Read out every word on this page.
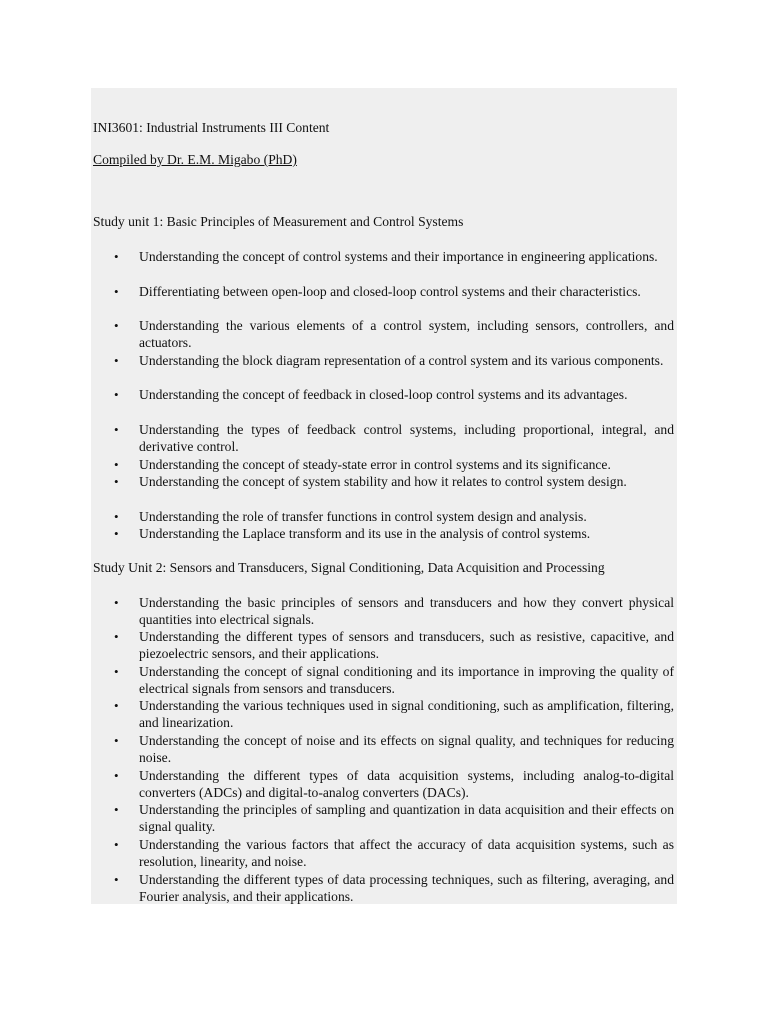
INI3601: Industrial Instruments III Content
Compiled by Dr. E.M. Migabo (PhD)
Study unit 1: Basic Principles of Measurement and Control Systems
• Understanding the concept of control systems and their importance in engineering applications.
• Differentiating between open-loop and closed-loop control systems and their characteristics.
• Understanding the various elements of a control system, including sensors, controllers, and actuators.
• Understanding the block diagram representation of a control system and its various components.
• Understanding the concept of feedback in closed-loop control systems and its advantages.
• Understanding the types of feedback control systems, including proportional, integral, and derivative control.
• Understanding the concept of steady-state error in control systems and its significance.
• Understanding the concept of system stability and how it relates to control system design.
• Understanding the role of transfer functions in control system design and analysis.
• Understanding the Laplace transform and its use in the analysis of control systems.
Study Unit 2: Sensors and Transducers, Signal Conditioning, Data Acquisition and Processing
• Understanding the basic principles of sensors and transducers and how they convert physical quantities into electrical signals.
• Understanding the different types of sensors and transducers, such as resistive, capacitive, and piezoelectric sensors, and their applications.
• Understanding the concept of signal conditioning and its importance in improving the quality of electrical signals from sensors and transducers.
• Understanding the various techniques used in signal conditioning, such as amplification, filtering, and linearization.
• Understanding the concept of noise and its effects on signal quality, and techniques for reducing noise.
• Understanding the different types of data acquisition systems, including analog-to-digital converters (ADCs) and digital-to-analog converters (DACs).
• Understanding the principles of sampling and quantization in data acquisition and their effects on signal quality.
• Understanding the various factors that affect the accuracy of data acquisition systems, such as resolution, linearity, and noise.
• Understanding the different types of data processing techniques, such as filtering, averaging, and Fourier analysis, and their applications.
